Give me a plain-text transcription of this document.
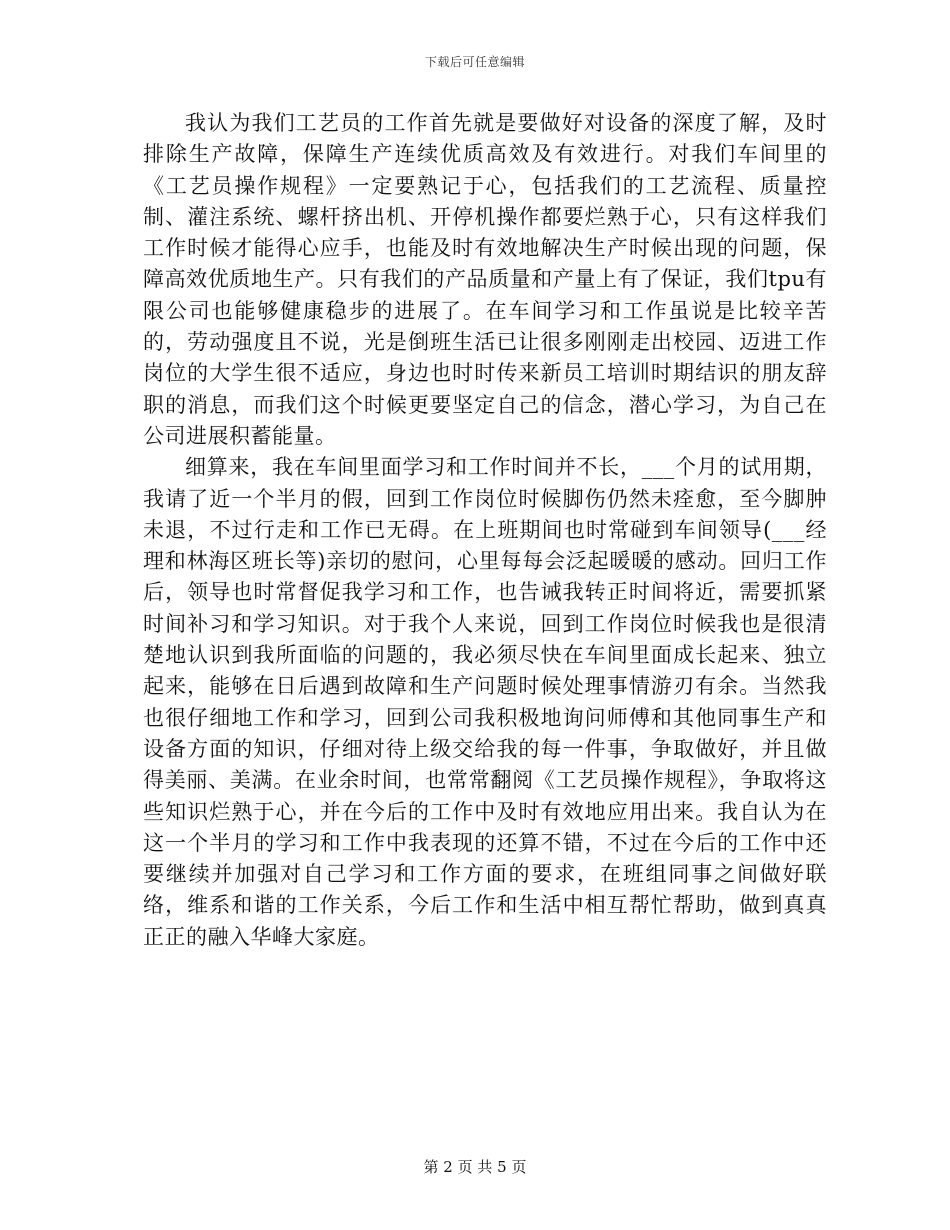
下载后可任意编辑

我认为我们工艺员的工作首先就是要做好对设备的深度了解，及时排除生产故障，保障生产连续优质高效及有效进行。对我们车间里的《工艺员操作规程》一定要熟记于心，包括我们的工艺流程、质量控制、灌注系统、螺杆挤出机、开停机操作都要烂熟于心，只有这样我们工作时候才能得心应手，也能及时有效地解决生产时候出现的问题，保障高效优质地生产。只有我们的产品质量和产量上有了保证，我们tpu有限公司也能够健康稳步的进展了。在车间学习和工作虽说是比较辛苦的，劳动强度且不说，光是倒班生活已让很多刚刚走出校园、迈进工作岗位的大学生很不适应，身边也时时传来新员工培训时期结识的朋友辞职的消息，而我们这个时候更要坚定自己的信念，潜心学习，为自己在公司进展积蓄能量。

细算来，我在车间里面学习和工作时间并不长，___个月的试用期，我请了近一个半月的假，回到工作岗位时候脚伤仍然未痊愈，至今脚肿未退，不过行走和工作已无碍。在上班期间也时常碰到车间领导(___经理和林海区班长等)亲切的慰问，心里每每会泛起暖暖的感动。回归工作后，领导也时常督促我学习和工作，也告诫我转正时间将近，需要抓紧时间补习和学习知识。对于我个人来说，回到工作岗位时候我也是很清楚地认识到我所面临的问题的，我必须尽快在车间里面成长起来、独立起来，能够在日后遇到故障和生产问题时候处理事情游刃有余。当然我也很仔细地工作和学习，回到公司我积极地询问师傅和其他同事生产和设备方面的知识，仔细对待上级交给我的每一件事，争取做好，并且做得美丽、美满。在业余时间，也常常翻阅《工艺员操作规程》，争取将这些知识烂熟于心，并在今后的工作中及时有效地应用出来。我自认为在这一个半月的学习和工作中我表现的还算不错，不过在今后的工作中还要继续并加强对自己学习和工作方面的要求，在班组同事之间做好联络，维系和谐的工作关系，今后工作和生活中相互帮忙帮助，做到真真正正的融入华峰大家庭。

第 2 页 共 5 页
